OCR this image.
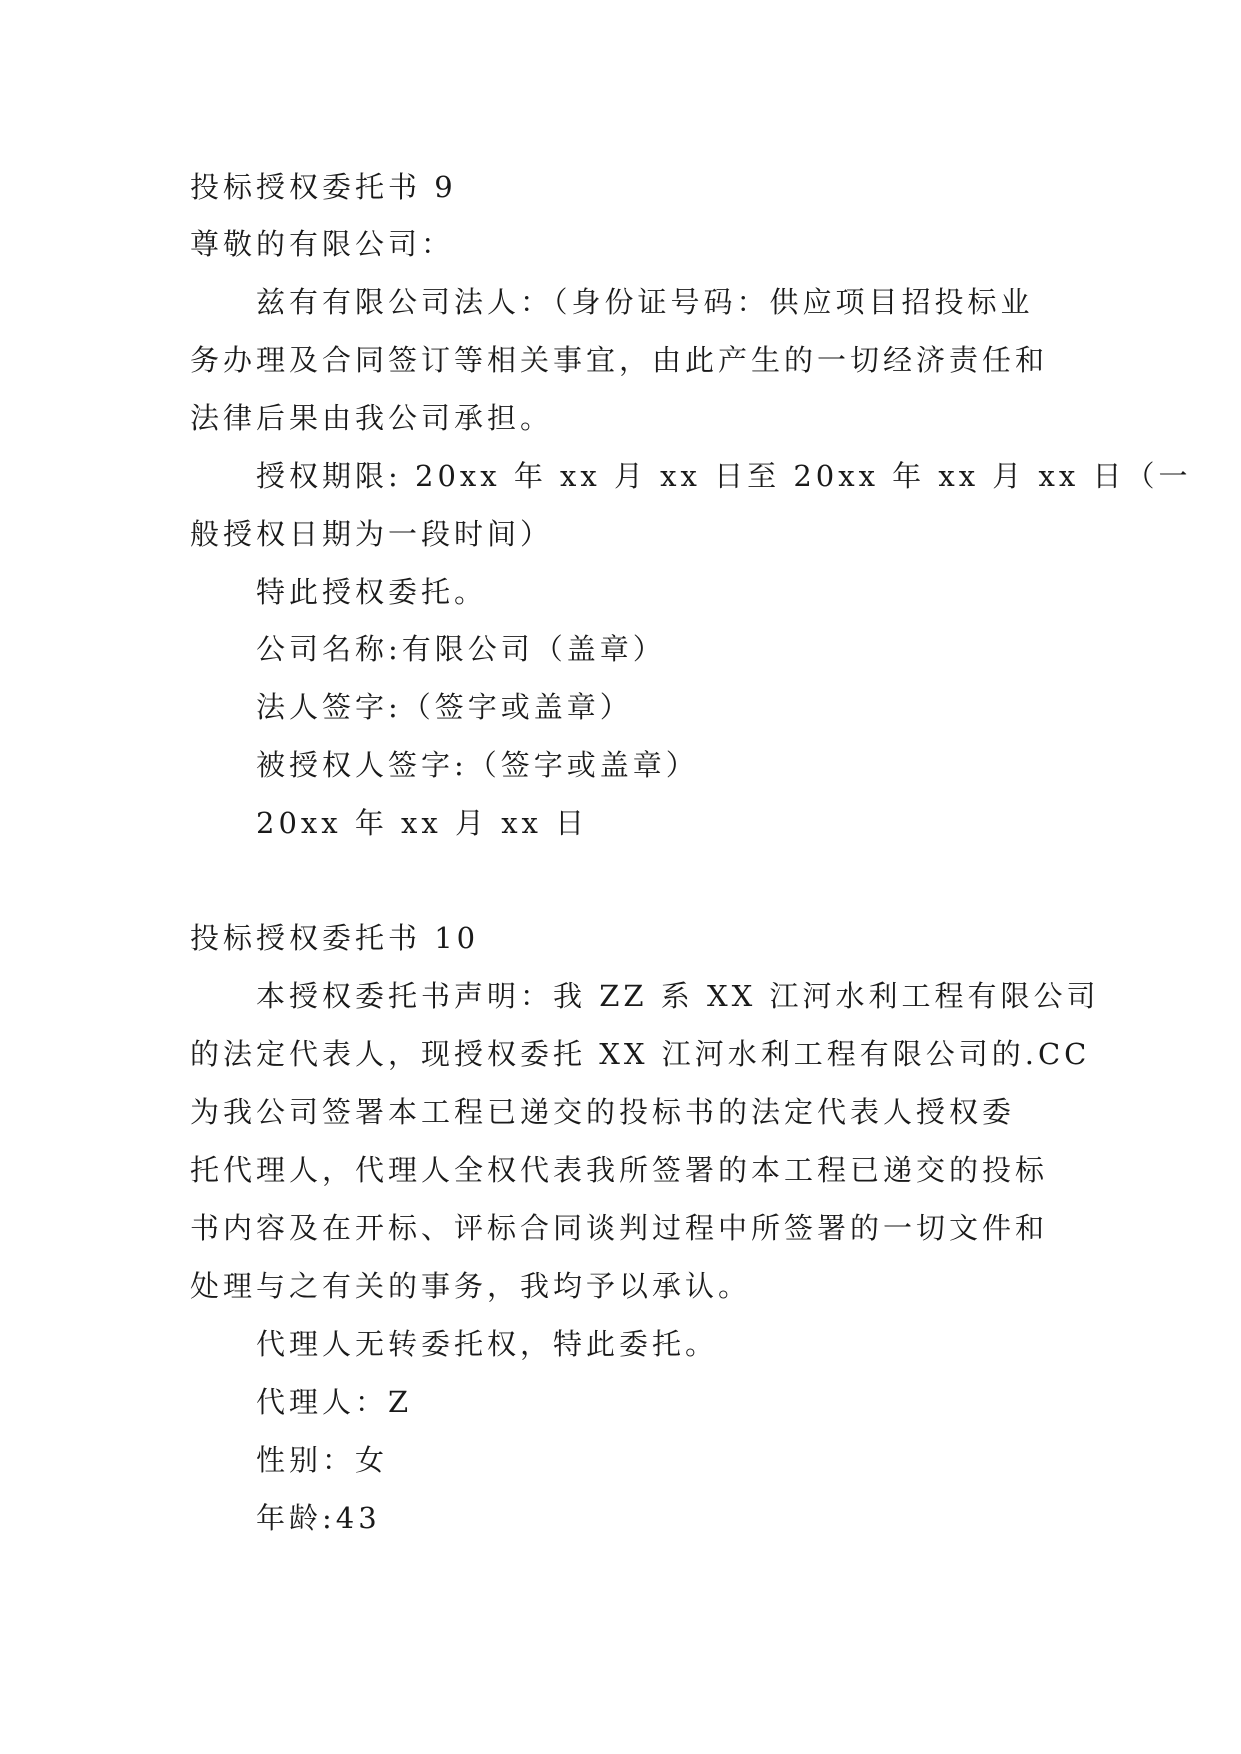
投标授权委托书 9
尊敬的有限公司：
兹有有限公司法人：（身份证号码：供应项目招投标业
务办理及合同签订等相关事宜，由此产生的一切经济责任和
法律后果由我公司承担。
授权期限: 20xx 年 xx 月 xx 日至 20xx 年 xx 月 xx 日（一
般授权日期为一段时间）
特此授权委托。
公司名称:有限公司（盖章）
法人签字:（签字或盖章）
被授权人签字:（签字或盖章）
20xx 年 xx 月 xx 日
投标授权委托书 10
本授权委托书声明：我 ZZ 系 XX 江河水利工程有限公司
的法定代表人，现授权委托 XX 江河水利工程有限公司的.CC
为我公司签署本工程已递交的投标书的法定代表人授权委
托代理人，代理人全权代表我所签署的本工程已递交的投标
书内容及在开标、评标合同谈判过程中所签署的一切文件和
处理与之有关的事务，我均予以承认。
代理人无转委托权，特此委托。
代理人：Z
性别：女
年龄:43
